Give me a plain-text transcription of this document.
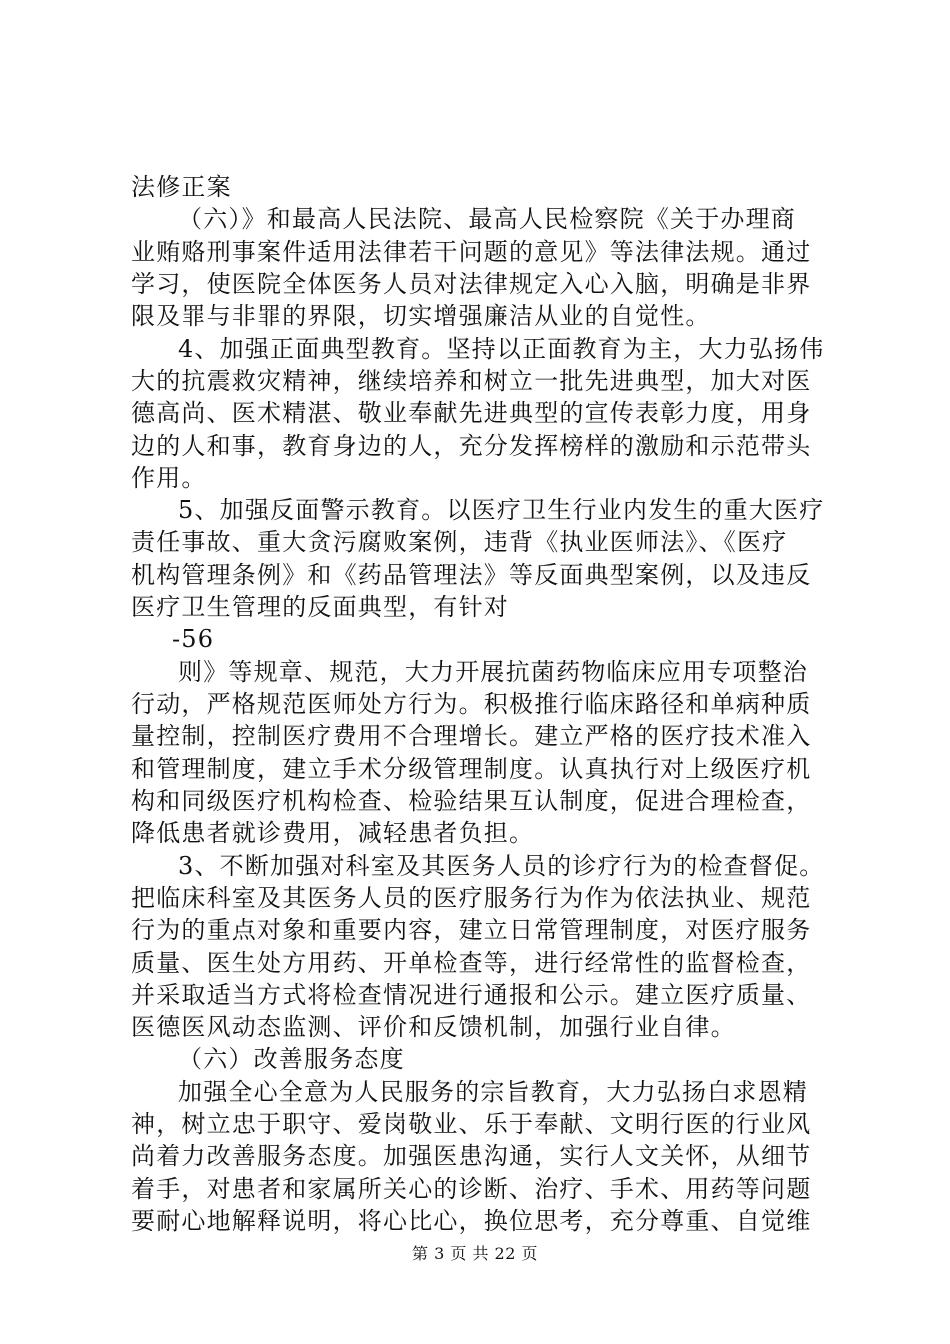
法修正案
（六）》和最高人民法院、最高人民检察院《关于办理商
业贿赂刑事案件适用法律若干问题的意见》等法律法规。通过
学习，使医院全体医务人员对法律规定入心入脑，明确是非界
限及罪与非罪的界限，切实增强廉洁从业的自觉性。
4、加强正面典型教育。坚持以正面教育为主，大力弘扬伟
大的抗震救灾精神，继续培养和树立一批先进典型，加大对医
德高尚、医术精湛、敬业奉献先进典型的宣传表彰力度，用身
边的人和事，教育身边的人，充分发挥榜样的激励和示范带头
作用。
5、加强反面警示教育。以医疗卫生行业内发生的重大医疗
责任事故、重大贪污腐败案例，违背《执业医师法》、《医疗
机构管理条例》和《药品管理法》等反面典型案例，以及违反
医疗卫生管理的反面典型，有针对
-56
则》等规章、规范，大力开展抗菌药物临床应用专项整治
行动，严格规范医师处方行为。积极推行临床路径和单病种质
量控制，控制医疗费用不合理增长。建立严格的医疗技术准入
和管理制度，建立手术分级管理制度。认真执行对上级医疗机
构和同级医疗机构检查、检验结果互认制度，促进合理检查，
降低患者就诊费用，减轻患者负担。
3、不断加强对科室及其医务人员的诊疗行为的检查督促。
把临床科室及其医务人员的医疗服务行为作为依法执业、规范
行为的重点对象和重要内容，建立日常管理制度，对医疗服务
质量、医生处方用药、开单检查等，进行经常性的监督检查，
并采取适当方式将检查情况进行通报和公示。建立医疗质量、
医德医风动态监测、评价和反馈机制，加强行业自律。
（六）改善服务态度
加强全心全意为人民服务的宗旨教育，大力弘扬白求恩精
神，树立忠于职守、爱岗敬业、乐于奉献、文明行医的行业风
尚着力改善服务态度。加强医患沟通，实行人文关怀，从细节
着手，对患者和家属所关心的诊断、治疗、手术、用药等问题
要耐心地解释说明，将心比心，换位思考，充分尊重、自觉维
第 3 页 共 22 页
